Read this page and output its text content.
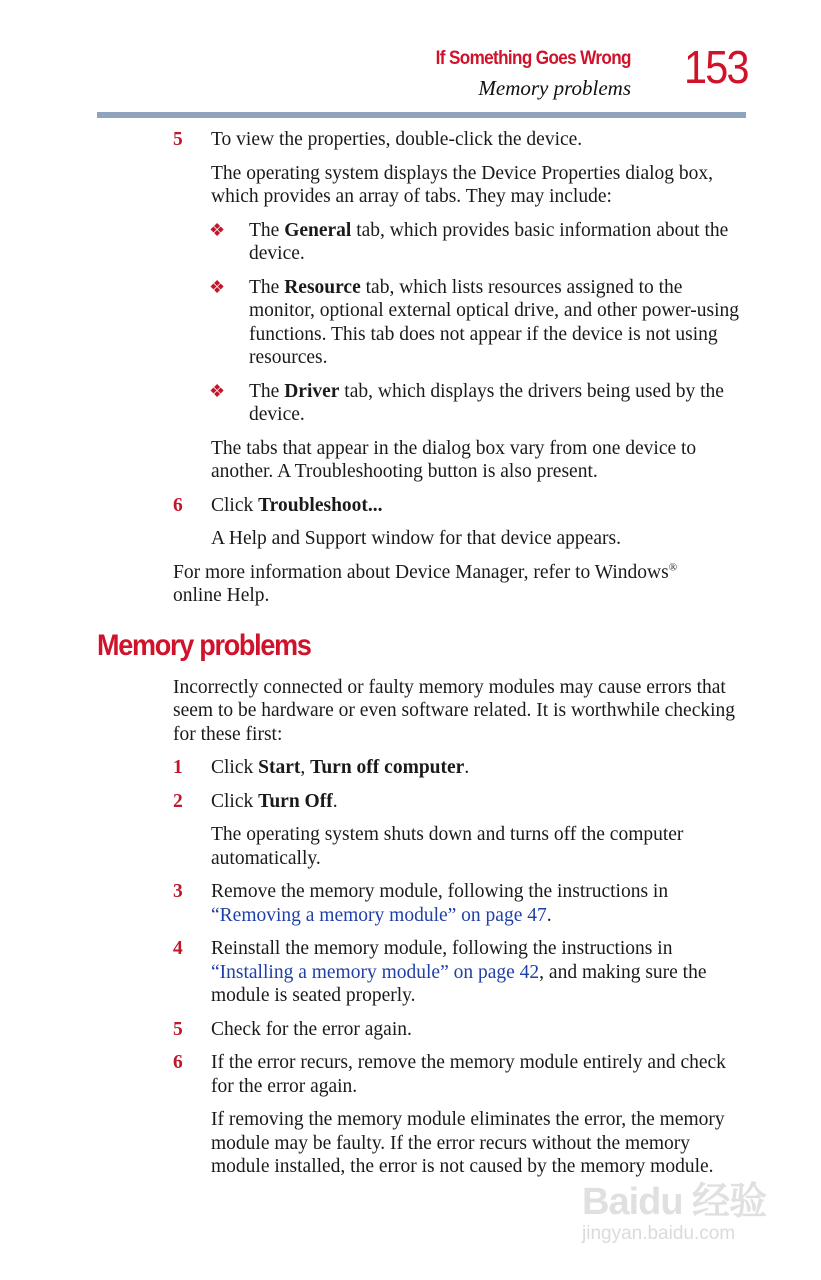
If Something Goes Wrong
Memory problems 153
5 To view the properties, double-click the device.
The operating system displays the Device Properties dialog box, which provides an array of tabs. They may include:
❖ The General tab, which provides basic information about the device.
❖ The Resource tab, which lists resources assigned to the monitor, optional external optical drive, and other power-using functions. This tab does not appear if the device is not using resources.
❖ The Driver tab, which displays the drivers being used by the device.
The tabs that appear in the dialog box vary from one device to another. A Troubleshooting button is also present.
6 Click Troubleshoot...
A Help and Support window for that device appears.
For more information about Device Manager, refer to Windows®
online Help.
Memory problems
Incorrectly connected or faulty memory modules may cause errors that seem to be hardware or even software related. It is worthwhile checking for these first:
1 Click Start, Turn off computer.
2 Click Turn Off.
The operating system shuts down and turns off the computer automatically.
3 Remove the memory module, following the instructions in “Removing a memory module” on page 47.
4 Reinstall the memory module, following the instructions in “Installing a memory module” on page 42, and making sure the module is seated properly.
5 Check for the error again.
6 If the error recurs, remove the memory module entirely and check for the error again.
If removing the memory module eliminates the error, the memory module may be faulty. If the error recurs without the memory module installed, the error is not caused by the memory module.
Baidu 经验
jingyan.baidu.com
